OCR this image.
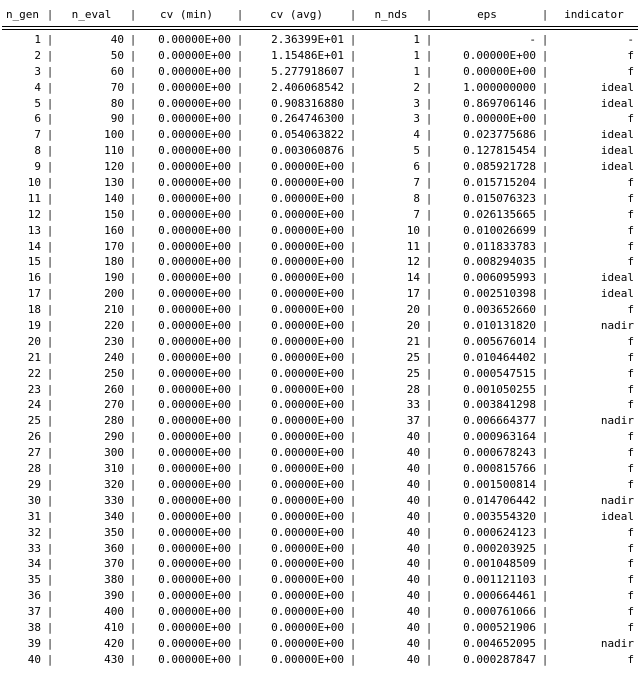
n_gen |	n_eval	|	cv (min)	|	cv (avg)	|	n_nds	|	eps	|	indicator
1 |	40 |	0.00000E+00 |	2.36399E+01 |	1 |	- |	-
2 |	50 |	0.00000E+00 |	1.15486E+01 |	1 |	0.00000E+00 |	f
3 |	60 |	0.00000E+00 |	5.277918607 |	1 |	0.00000E+00 |	f
4 |	70 |	0.00000E+00 |	2.406068542 |	2 |	1.000000000 |	ideal
5 |	80 |	0.00000E+00 |	0.908316880 |	3 |	0.869706146 |	ideal
6 |	90 |	0.00000E+00 |	0.264746300 |	3 |	0.00000E+00 |	f
7 |	100 |	0.00000E+00 |	0.054063822 |	4 |	0.023775686 |	ideal
8 |	110 |	0.00000E+00 |	0.003060876 |	5 |	0.127815454 |	ideal
9 |	120 |	0.00000E+00 |	0.00000E+00 |	6 |	0.085921728 |	ideal
10 |	130 |	0.00000E+00 |	0.00000E+00 |	7 |	0.015715204 |	f
11 |	140 |	0.00000E+00 |	0.00000E+00 |	8 |	0.015076323 |	f
12 |	150 |	0.00000E+00 |	0.00000E+00 |	7 |	0.026135665 |	f
13 |	160 |	0.00000E+00 |	0.00000E+00 |	10 |	0.010026699 |	f
14 |	170 |	0.00000E+00 |	0.00000E+00 |	11 |	0.011833783 |	f
15 |	180 |	0.00000E+00 |	0.00000E+00 |	12 |	0.008294035 |	f
16 |	190 |	0.00000E+00 |	0.00000E+00 |	14 |	0.006095993 |	ideal
17 |	200 |	0.00000E+00 |	0.00000E+00 |	17 |	0.002510398 |	ideal
18 |	210 |	0.00000E+00 |	0.00000E+00 |	20 |	0.003652660 |	f
19 |	220 |	0.00000E+00 |	0.00000E+00 |	20 |	0.010131820 |	nadir
20 |	230 |	0.00000E+00 |	0.00000E+00 |	21 |	0.005676014 |	f
21 |	240 |	0.00000E+00 |	0.00000E+00 |	25 |	0.010464402 |	f
22 |	250 |	0.00000E+00 |	0.00000E+00 |	25 |	0.000547515 |	f
23 |	260 |	0.00000E+00 |	0.00000E+00 |	28 |	0.001050255 |	f
24 |	270 |	0.00000E+00 |	0.00000E+00 |	33 |	0.003841298 |	f
25 |	280 |	0.00000E+00 |	0.00000E+00 |	37 |	0.006664377 |	nadir
26 |	290 |	0.00000E+00 |	0.00000E+00 |	40 |	0.000963164 |	f
27 |	300 |	0.00000E+00 |	0.00000E+00 |	40 |	0.000678243 |	f
28 |	310 |	0.00000E+00 |	0.00000E+00 |	40 |	0.000815766 |	f
29 |	320 |	0.00000E+00 |	0.00000E+00 |	40 |	0.001500814 |	f
30 |	330 |	0.00000E+00 |	0.00000E+00 |	40 |	0.014706442 |	nadir
31 |	340 |	0.00000E+00 |	0.00000E+00 |	40 |	0.003554320 |	ideal
32 |	350 |	0.00000E+00 |	0.00000E+00 |	40 |	0.000624123 |	f
33 |	360 |	0.00000E+00 |	0.00000E+00 |	40 |	0.000203925 |	f
34 |	370 |	0.00000E+00 |	0.00000E+00 |	40 |	0.001048509 |	f
35 |	380 |	0.00000E+00 |	0.00000E+00 |	40 |	0.001121103 |	f
36 |	390 |	0.00000E+00 |	0.00000E+00 |	40 |	0.000664461 |	f
37 |	400 |	0.00000E+00 |	0.00000E+00 |	40 |	0.000761066 |	f
38 |	410 |	0.00000E+00 |	0.00000E+00 |	40 |	0.000521906 |	f
39 |	420 |	0.00000E+00 |	0.00000E+00 |	40 |	0.004652095 |	nadir
40 |	430 |	0.00000E+00 |	0.00000E+00 |	40 |	0.000287847 |	f
